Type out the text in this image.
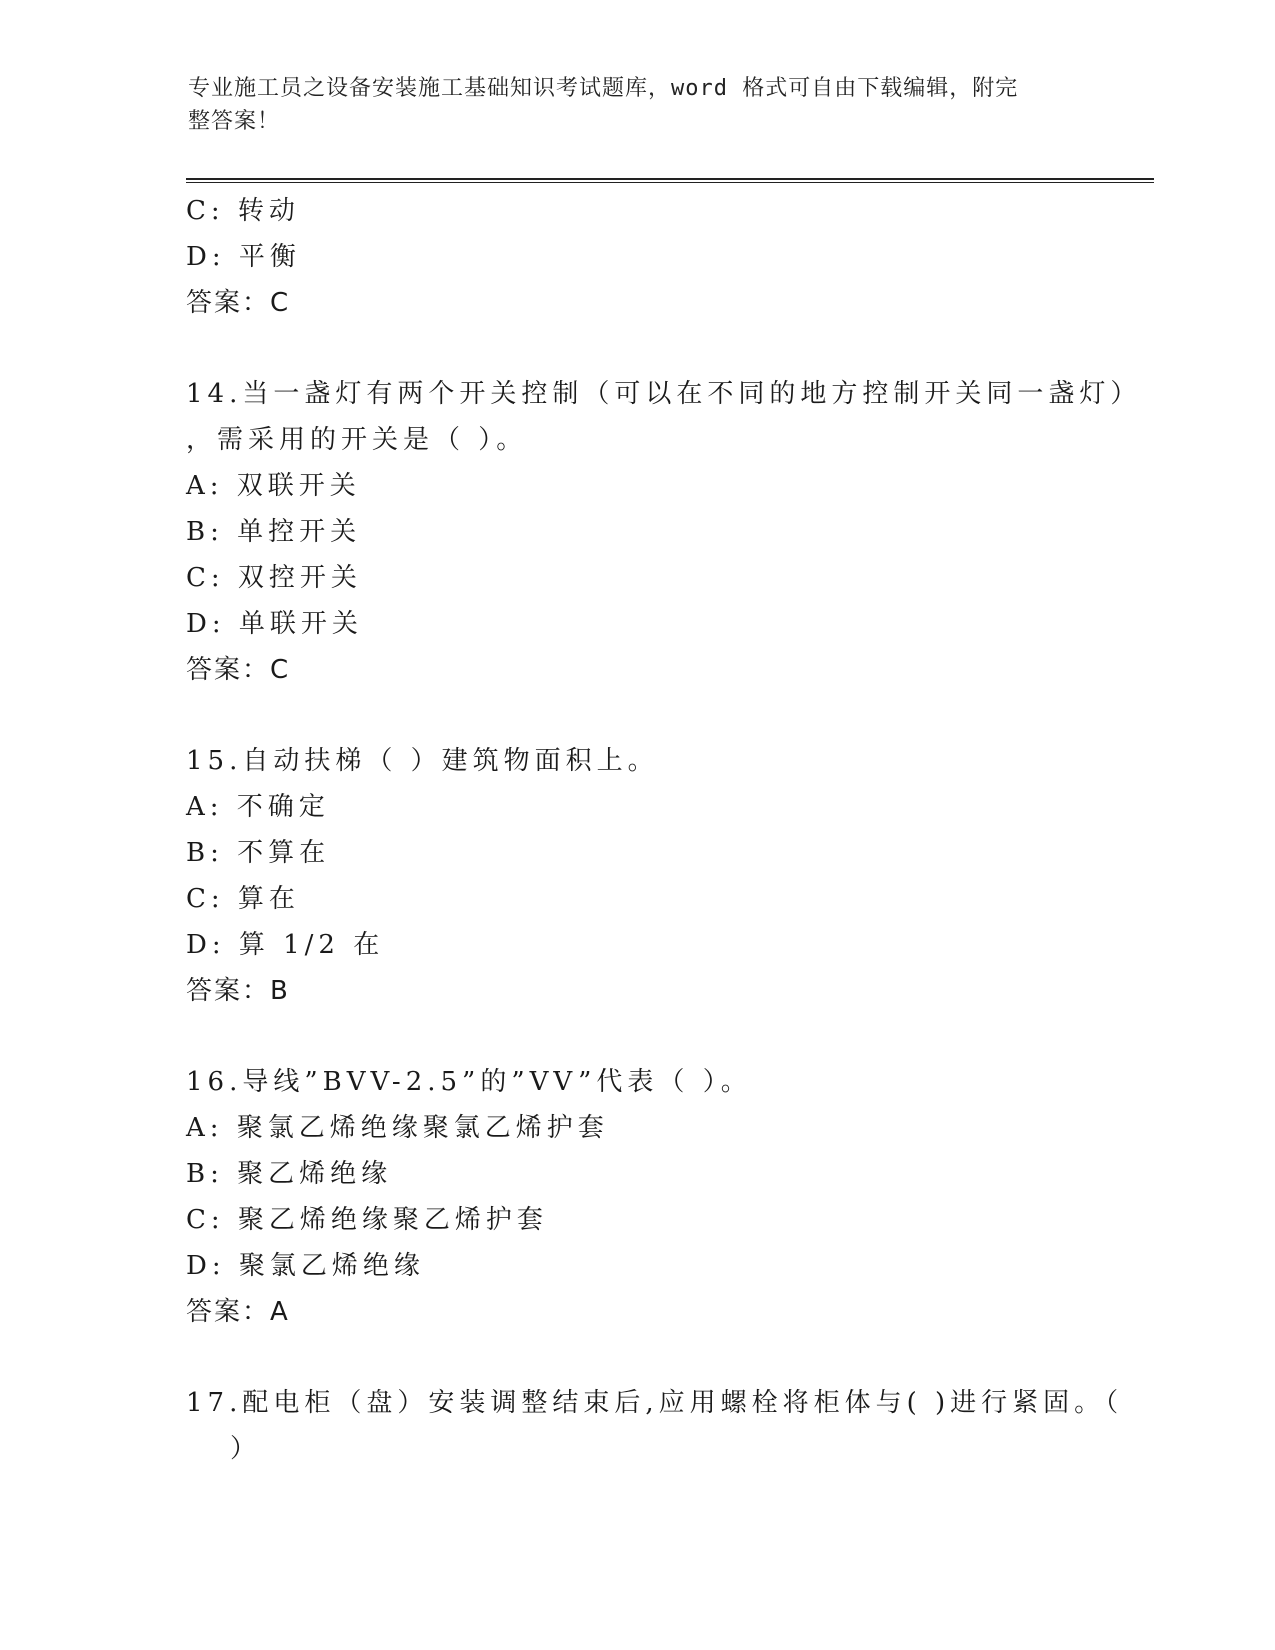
专业施工员之设备安装施工基础知识考试题库，word 格式可自由下载编辑，附完
整答案！
C: 转动
D: 平衡
答案：C
14.当一盏灯有两个开关控制（可以在不同的地方控制开关同一盏灯）
，需采用的开关是（ ）。
A: 双联开关
B: 单控开关
C: 双控开关
D: 单联开关
答案：C
15.自动扶梯（ ）建筑物面积上。
A: 不确定
B: 不算在
C: 算在
D: 算 1/2 在
答案：B
16.导线”BVV-2.5”的”VV”代表（ ）。
A: 聚氯乙烯绝缘聚氯乙烯护套
B: 聚乙烯绝缘
C: 聚乙烯绝缘聚乙烯护套
D: 聚氯乙烯绝缘
答案：A
17.配电柜（盘）安装调整结束后,应用螺栓将柜体与( )进行紧固。（
）
